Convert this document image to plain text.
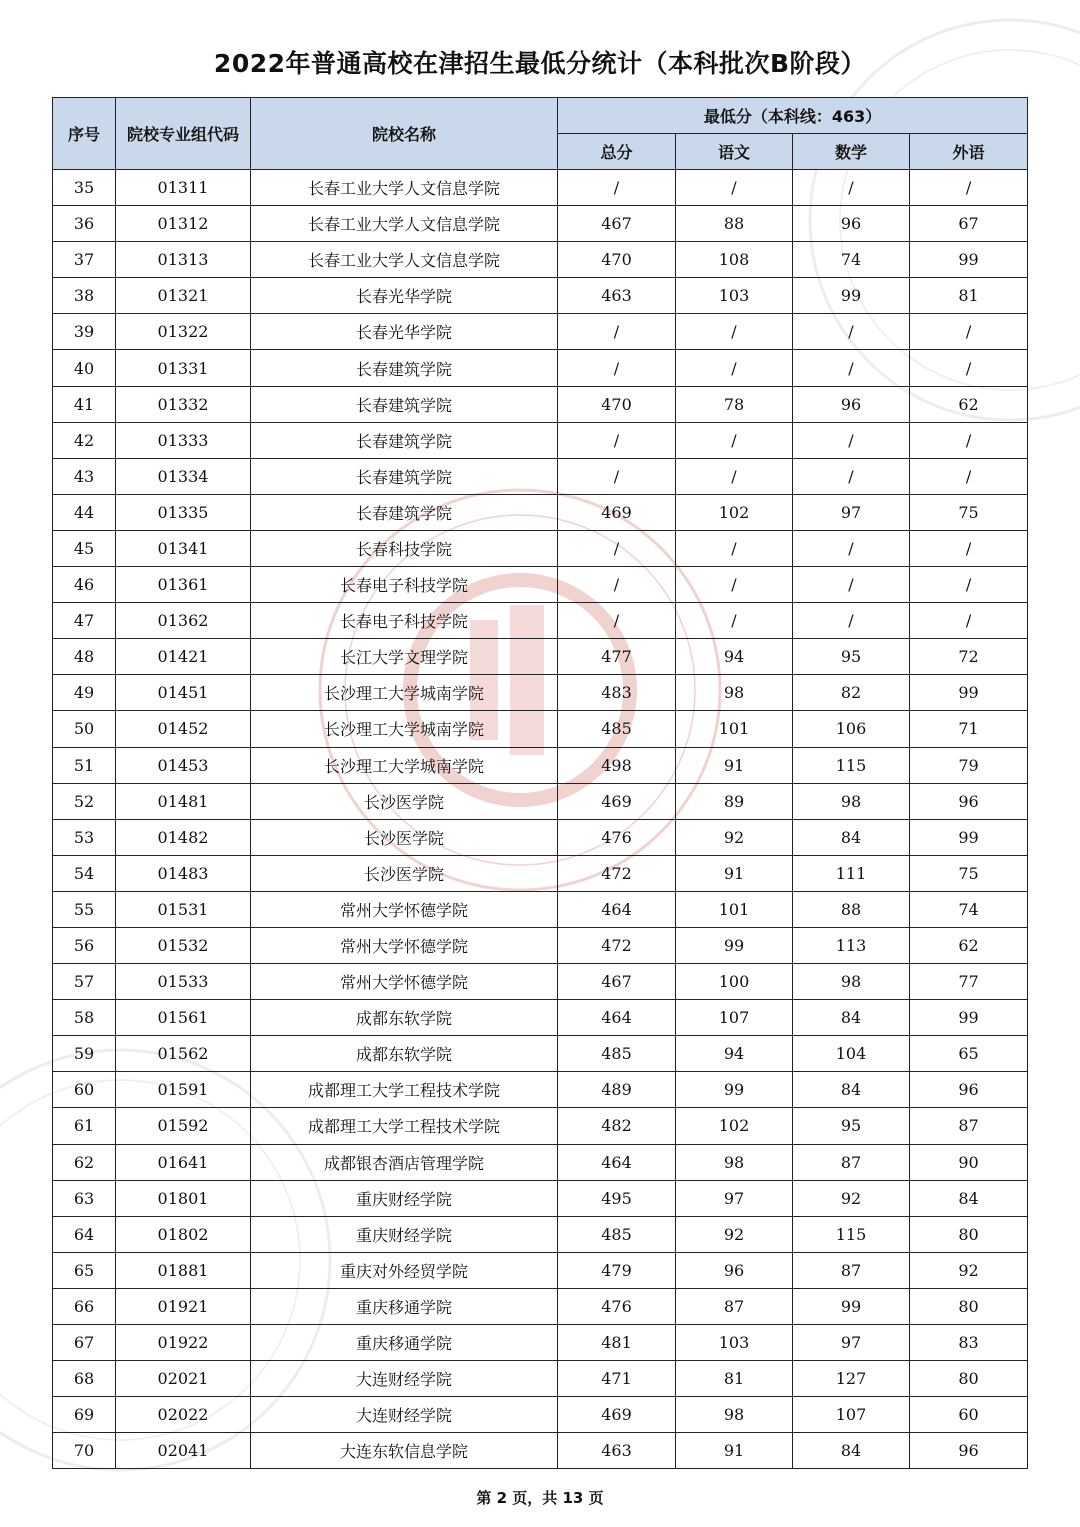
2022年普通高校在津招生最低分统计（本科批次B阶段）
序号	院校专业组代码	院校名称	最低分（本科线：463）			
			总分	语文	数学	外语
35	01311	长春工业大学人文信息学院	/	/	/	/
36	01312	长春工业大学人文信息学院	467	88	96	67
37	01313	长春工业大学人文信息学院	470	108	74	99
38	01321	长春光华学院	463	103	99	81
39	01322	长春光华学院	/	/	/	/
40	01331	长春建筑学院	/	/	/	/
41	01332	长春建筑学院	470	78	96	62
42	01333	长春建筑学院	/	/	/	/
43	01334	长春建筑学院	/	/	/	/
44	01335	长春建筑学院	469	102	97	75
45	01341	长春科技学院	/	/	/	/
46	01361	长春电子科技学院	/	/	/	/
47	01362	长春电子科技学院	/	/	/	/
48	01421	长江大学文理学院	477	94	95	72
49	01451	长沙理工大学城南学院	483	98	82	99
50	01452	长沙理工大学城南学院	485	101	106	71
51	01453	长沙理工大学城南学院	498	91	115	79
52	01481	长沙医学院	469	89	98	96
53	01482	长沙医学院	476	92	84	99
54	01483	长沙医学院	472	91	111	75
55	01531	常州大学怀德学院	464	101	88	74
56	01532	常州大学怀德学院	472	99	113	62
57	01533	常州大学怀德学院	467	100	98	77
58	01561	成都东软学院	464	107	84	99
59	01562	成都东软学院	485	94	104	65
60	01591	成都理工大学工程技术学院	489	99	84	96
61	01592	成都理工大学工程技术学院	482	102	95	87
62	01641	成都银杏酒店管理学院	464	98	87	90
63	01801	重庆财经学院	495	97	92	84
64	01802	重庆财经学院	485	92	115	80
65	01881	重庆对外经贸学院	479	96	87	92
66	01921	重庆移通学院	476	87	99	80
67	01922	重庆移通学院	481	103	97	83
68	02021	大连财经学院	471	81	127	80
69	02022	大连财经学院	469	98	107	60
70	02041	大连东软信息学院	463	91	84	96
第 2 页，共 13 页
